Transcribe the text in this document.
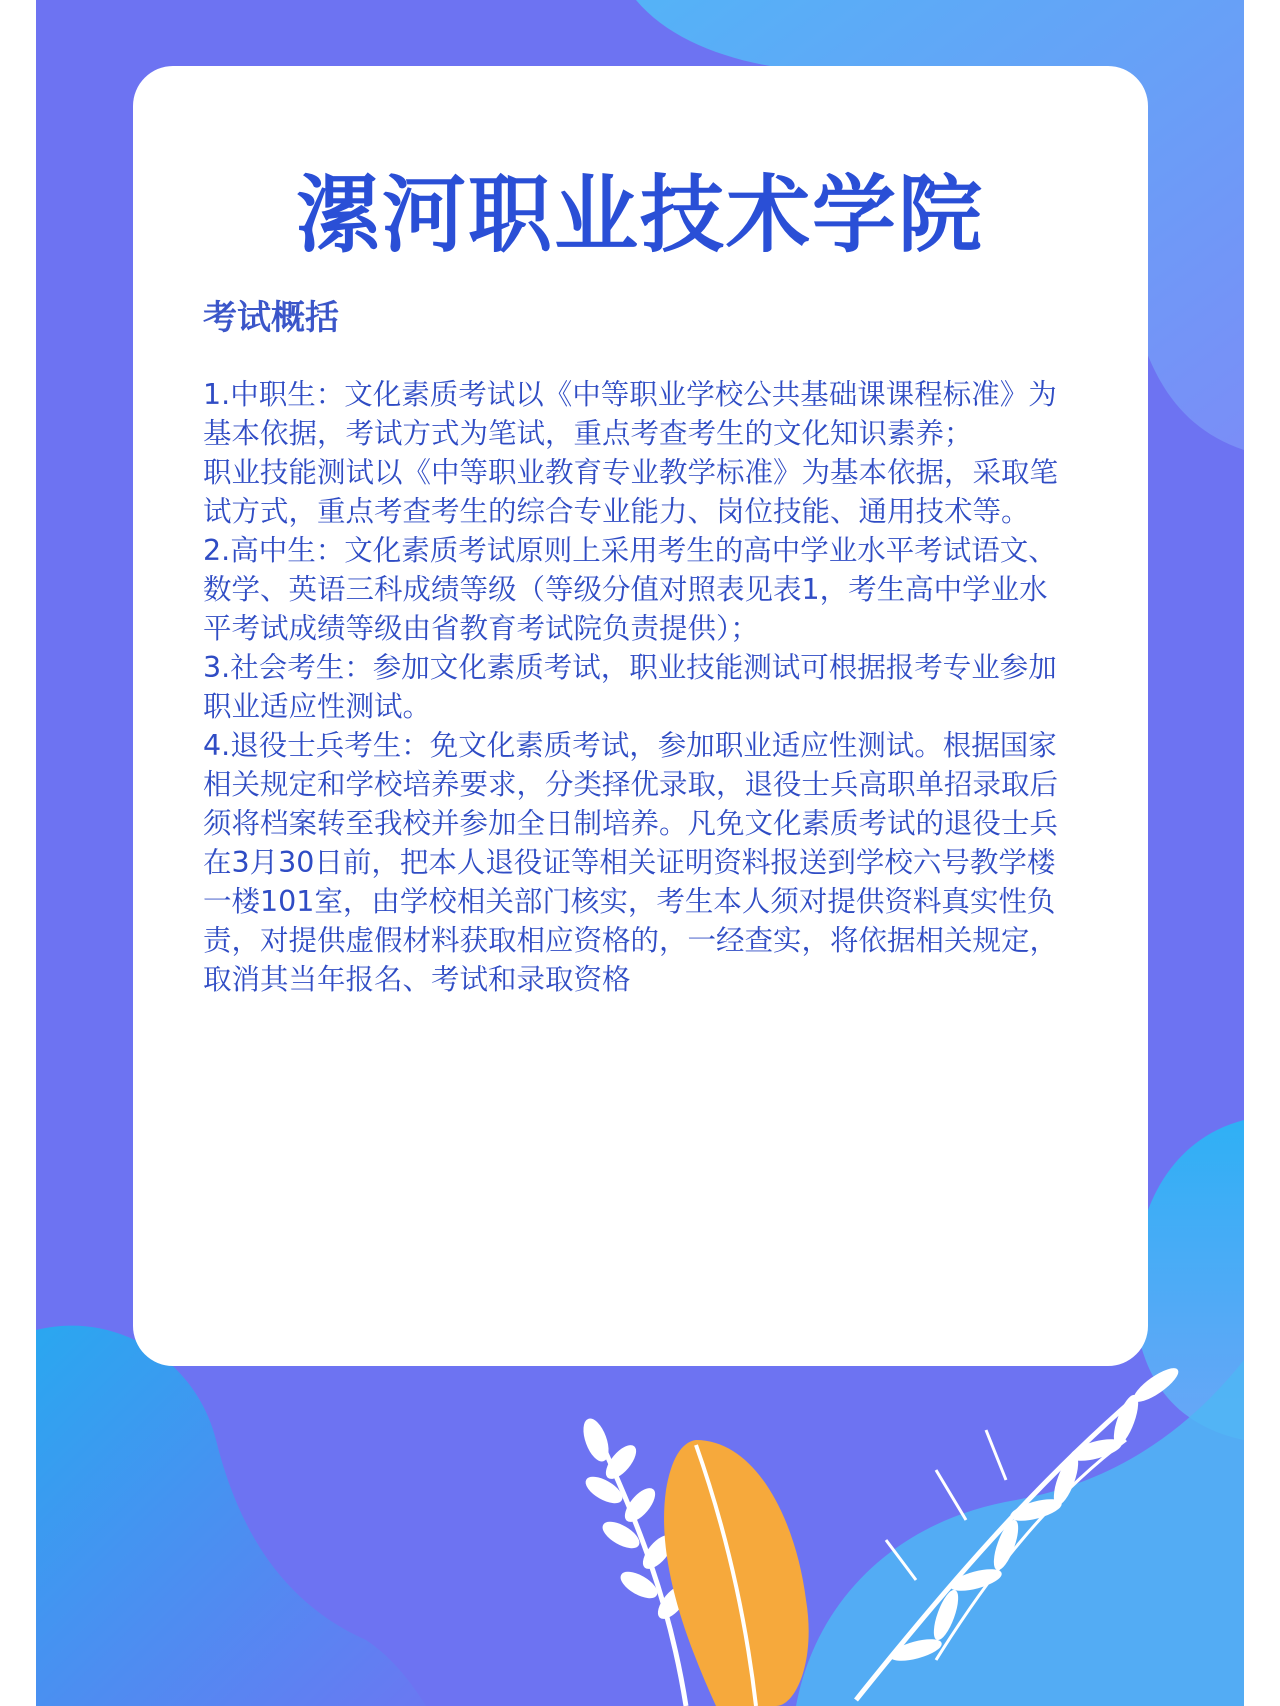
漯河职业技术学院
考试概括

1.中职生：文化素质考试以《中等职业学校公共基础课课程标准》为基本依据，考试方式为笔试，重点考查考生的文化知识素养；

职业技能测试以《中等职业教育专业教学标准》为基本依据，采取笔试方式，重点考查考生的综合专业能力、岗位技能、通用技术等。

2.高中生：文化素质考试原则上采用考生的高中学业水平考试语文、数学、英语三科成绩等级（等级分值对照表见表1，考生高中学业水平考试成绩等级由省教育考试院负责提供）；

3.社会考生：参加文化素质考试，职业技能测试可根据报考专业参加职业适应性测试。

4.退役士兵考生：免文化素质考试，参加职业适应性测试。根据国家相关规定和学校培养要求，分类择优录取，退役士兵高职单招录取后须将档案转至我校并参加全日制培养。凡免文化素质考试的退役士兵在3月30日前，把本人退役证等相关证明资料报送到学校六号教学楼一楼101室，由学校相关部门核实，考生本人须对提供资料真实性负责，对提供虚假材料获取相应资格的，一经查实，将依据相关规定，取消其当年报名、考试和录取资格
